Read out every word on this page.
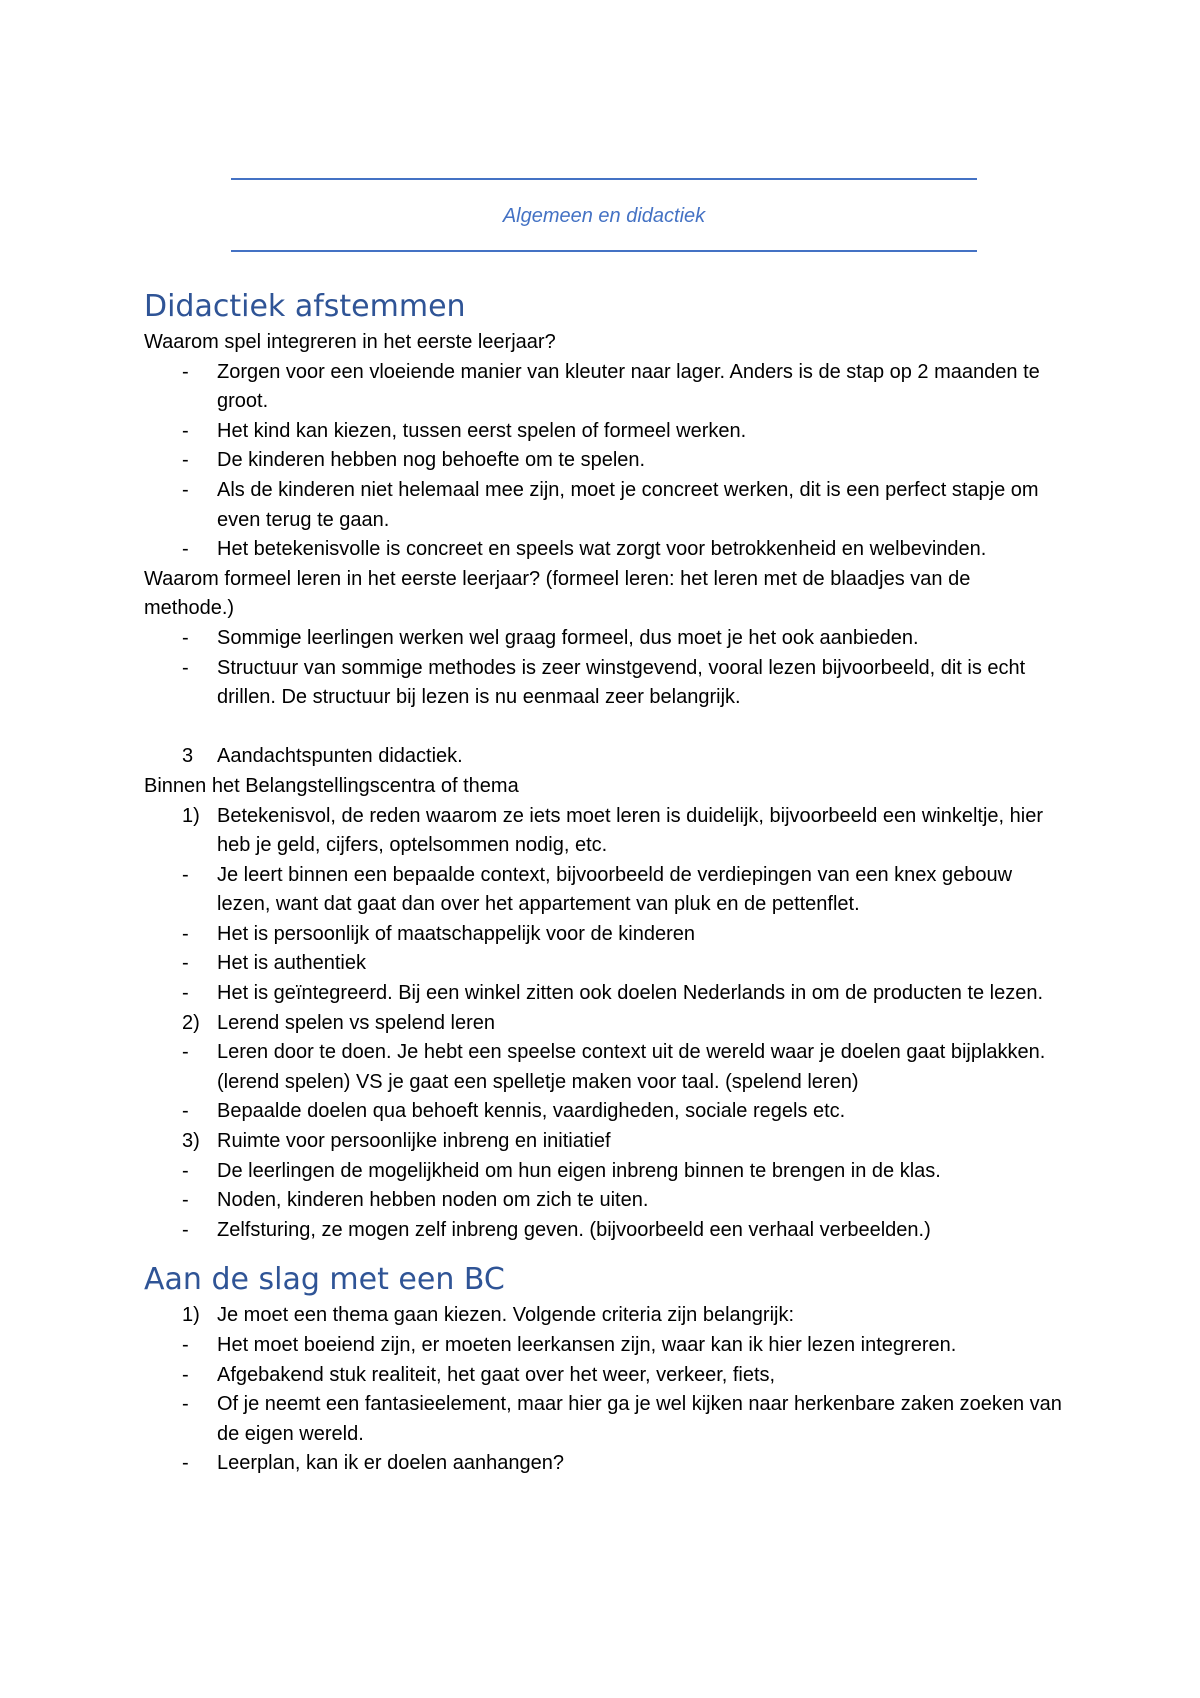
Algemeen en didactiek
Didactiek afstemmen

Waarom spel integreren in het eerste leerjaar?

-	Zorgen voor een vloeiende manier van kleuter naar lager. Anders is de stap op 2 maanden te groot.
-	Het kind kan kiezen, tussen eerst spelen of formeel werken.
-	De kinderen hebben nog behoefte om te spelen.
-	Als de kinderen niet helemaal mee zijn, moet je concreet werken, dit is een perfect stapje om even terug te gaan.
-	Het betekenisvolle is concreet en speels wat zorgt voor betrokkenheid en welbevinden.

Waarom formeel leren in het eerste leerjaar? (formeel leren: het leren met de blaadjes van de methode.)

-	Sommige leerlingen werken wel graag formeel, dus moet je het ook aanbieden.
-	Structuur van sommige methodes is zeer winstgevend, vooral lezen bijvoorbeeld, dit is echt drillen. De structuur bij lezen is nu eenmaal zeer belangrijk.
3	Aandachtspunten didactiek.

Binnen het Belangstellingscentra of thema

1) Betekenisvol, de reden waarom ze iets moet leren is duidelijk, bijvoorbeeld een winkeltje, hier heb je geld, cijfers, optelsommen nodig, etc.
-	Je leert binnen een bepaalde context, bijvoorbeeld de verdiepingen van een knex gebouw lezen, want dat gaat dan over het appartement van pluk en de pettenflet.
-	Het is persoonlijk of maatschappelijk voor de kinderen
-	Het is authentiek
-	Het is geïntegreerd. Bij een winkel zitten ook doelen Nederlands in om de producten te lezen.
2) Lerend spelen vs spelend leren
-	Leren door te doen. Je hebt een speelse context uit de wereld waar je doelen gaat bijplakken. (lerend spelen) VS je gaat een spelletje maken voor taal. (spelend leren)
-	Bepaalde doelen qua behoeft kennis, vaardigheden, sociale regels etc.
3) Ruimte voor persoonlijke inbreng en initiatief
-	De leerlingen de mogelijkheid om hun eigen inbreng binnen te brengen in de klas.
-	Noden, kinderen hebben noden om zich te uiten.
-	Zelfsturing, ze mogen zelf inbreng geven. (bijvoorbeeld een verhaal verbeelden.)
Aan de slag met een BC
1) Je moet een thema gaan kiezen. Volgende criteria zijn belangrijk:
-	Het moet boeiend zijn, er moeten leerkansen zijn, waar kan ik hier lezen integreren.
-	Afgebakend stuk realiteit, het gaat over het weer, verkeer, fiets,
-	Of je neemt een fantasieelement, maar hier ga je wel kijken naar herkenbare zaken zoeken van de eigen wereld.
-	Leerplan, kan ik er doelen aanhangen?
